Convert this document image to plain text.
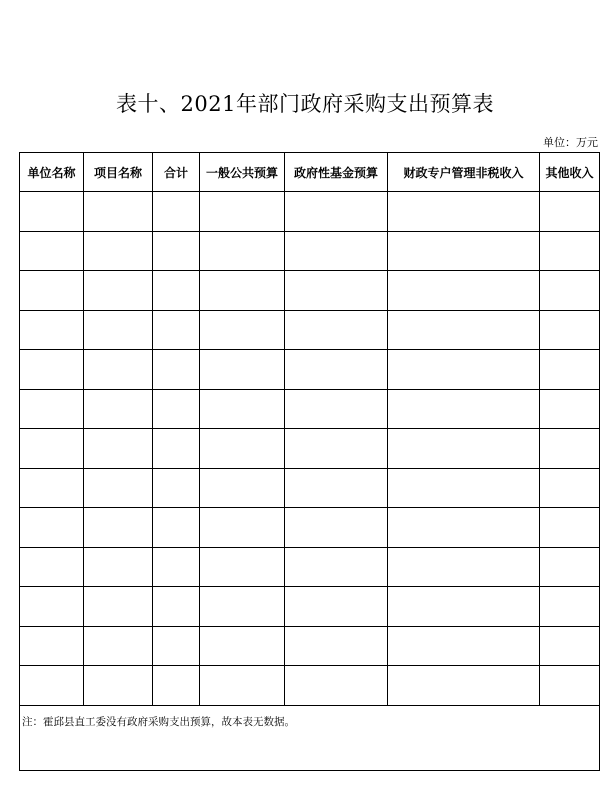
表十、2021年部门政府采购支出预算表
单位：万元
单位名称	项目名称	合计	一般公共预算	政府性基金预算	财政专户管理非税收入	其他收入

注：霍邱县直工委没有政府采购支出预算，故本表无数据。						
